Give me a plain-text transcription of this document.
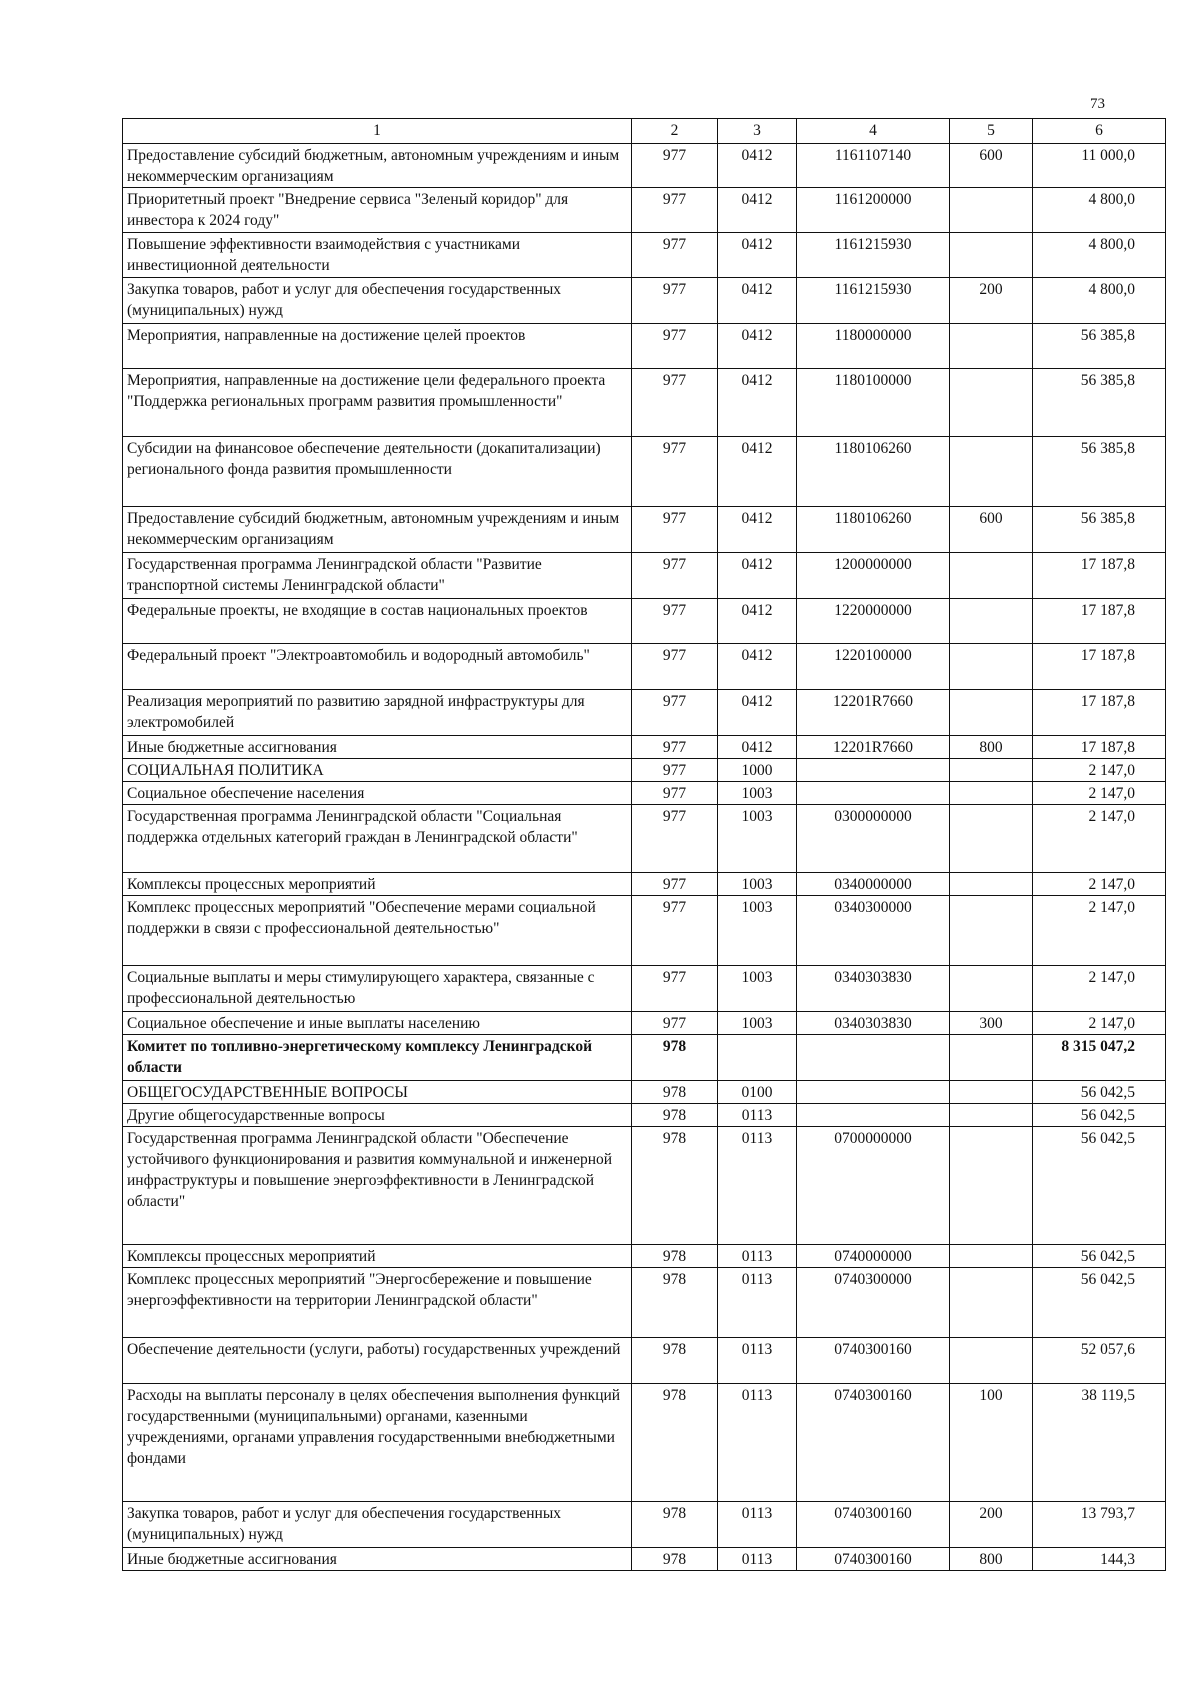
73
1	2	3	4	5	6
Предоставление субсидий бюджетным, автономным учреждениям и иным некоммерческим организациям	977	0412	1161107140	600	11 000,0
Приоритетный проект "Внедрение сервиса "Зеленый коридор" для инвестора к 2024 году"	977	0412	1161200000		4 800,0
Повышение эффективности взаимодействия с участниками инвестиционной деятельности	977	0412	1161215930		4 800,0
Закупка товаров, работ и услуг для обеспечения государственных (муниципальных) нужд	977	0412	1161215930	200	4 800,0
Мероприятия, направленные на достижение целей проектов	977	0412	1180000000		56 385,8
Мероприятия, направленные на достижение цели федерального проекта "Поддержка региональных программ развития промышленности"	977	0412	1180100000		56 385,8
Субсидии на финансовое обеспечение деятельности (докапитализации) регионального фонда развития промышленности	977	0412	1180106260		56 385,8
Предоставление субсидий бюджетным, автономным учреждениям и иным некоммерческим организациям	977	0412	1180106260	600	56 385,8
Государственная программа Ленинградской области "Развитие транспортной системы Ленинградской области"	977	0412	1200000000		17 187,8
Федеральные проекты, не входящие в состав национальных проектов	977	0412	1220000000		17 187,8
Федеральный проект "Электроавтомобиль и водородный автомобиль"	977	0412	1220100000		17 187,8
Реализация мероприятий по развитию зарядной инфраструктуры для электромобилей	977	0412	12201R7660		17 187,8
Иные бюджетные ассигнования	977	0412	12201R7660	800	17 187,8
СОЦИАЛЬНАЯ ПОЛИТИКА	977	1000			2 147,0
Социальное обеспечение населения	977	1003			2 147,0
Государственная программа Ленинградской области "Социальная поддержка отдельных категорий граждан в Ленинградской области"	977	1003	0300000000		2 147,0
Комплексы процессных мероприятий	977	1003	0340000000		2 147,0
Комплекс процессных мероприятий "Обеспечение мерами социальной поддержки в связи с профессиональной деятельностью"	977	1003	0340300000		2 147,0
Социальные выплаты и меры стимулирующего характера, связанные с профессиональной деятельностью	977	1003	0340303830		2 147,0
Социальное обеспечение и иные выплаты населению	977	1003	0340303830	300	2 147,0
Комитет по топливно-энергетическому комплексу Ленинградской области	978				8 315 047,2
ОБЩЕГОСУДАРСТВЕННЫЕ ВОПРОСЫ	978	0100			56 042,5
Другие общегосударственные вопросы	978	0113			56 042,5
Государственная программа Ленинградской области "Обеспечение устойчивого функционирования и развития коммунальной и инженерной инфраструктуры и повышение энергоэффективности в Ленинградской области"	978	0113	0700000000		56 042,5
Комплексы процессных мероприятий	978	0113	0740000000		56 042,5
Комплекс процессных мероприятий "Энергосбережение и повышение энергоэффективности на территории Ленинградской области"	978	0113	0740300000		56 042,5
Обеспечение деятельности (услуги, работы) государственных учреждений	978	0113	0740300160		52 057,6
Расходы на выплаты персоналу в целях обеспечения выполнения функций государственными (муниципальными) органами, казенными учреждениями, органами управления государственными внебюджетными фондами	978	0113	0740300160	100	38 119,5
Закупка товаров, работ и услуг для обеспечения государственных (муниципальных) нужд	978	0113	0740300160	200	13 793,7
Иные бюджетные ассигнования	978	0113	0740300160	800	144,3
